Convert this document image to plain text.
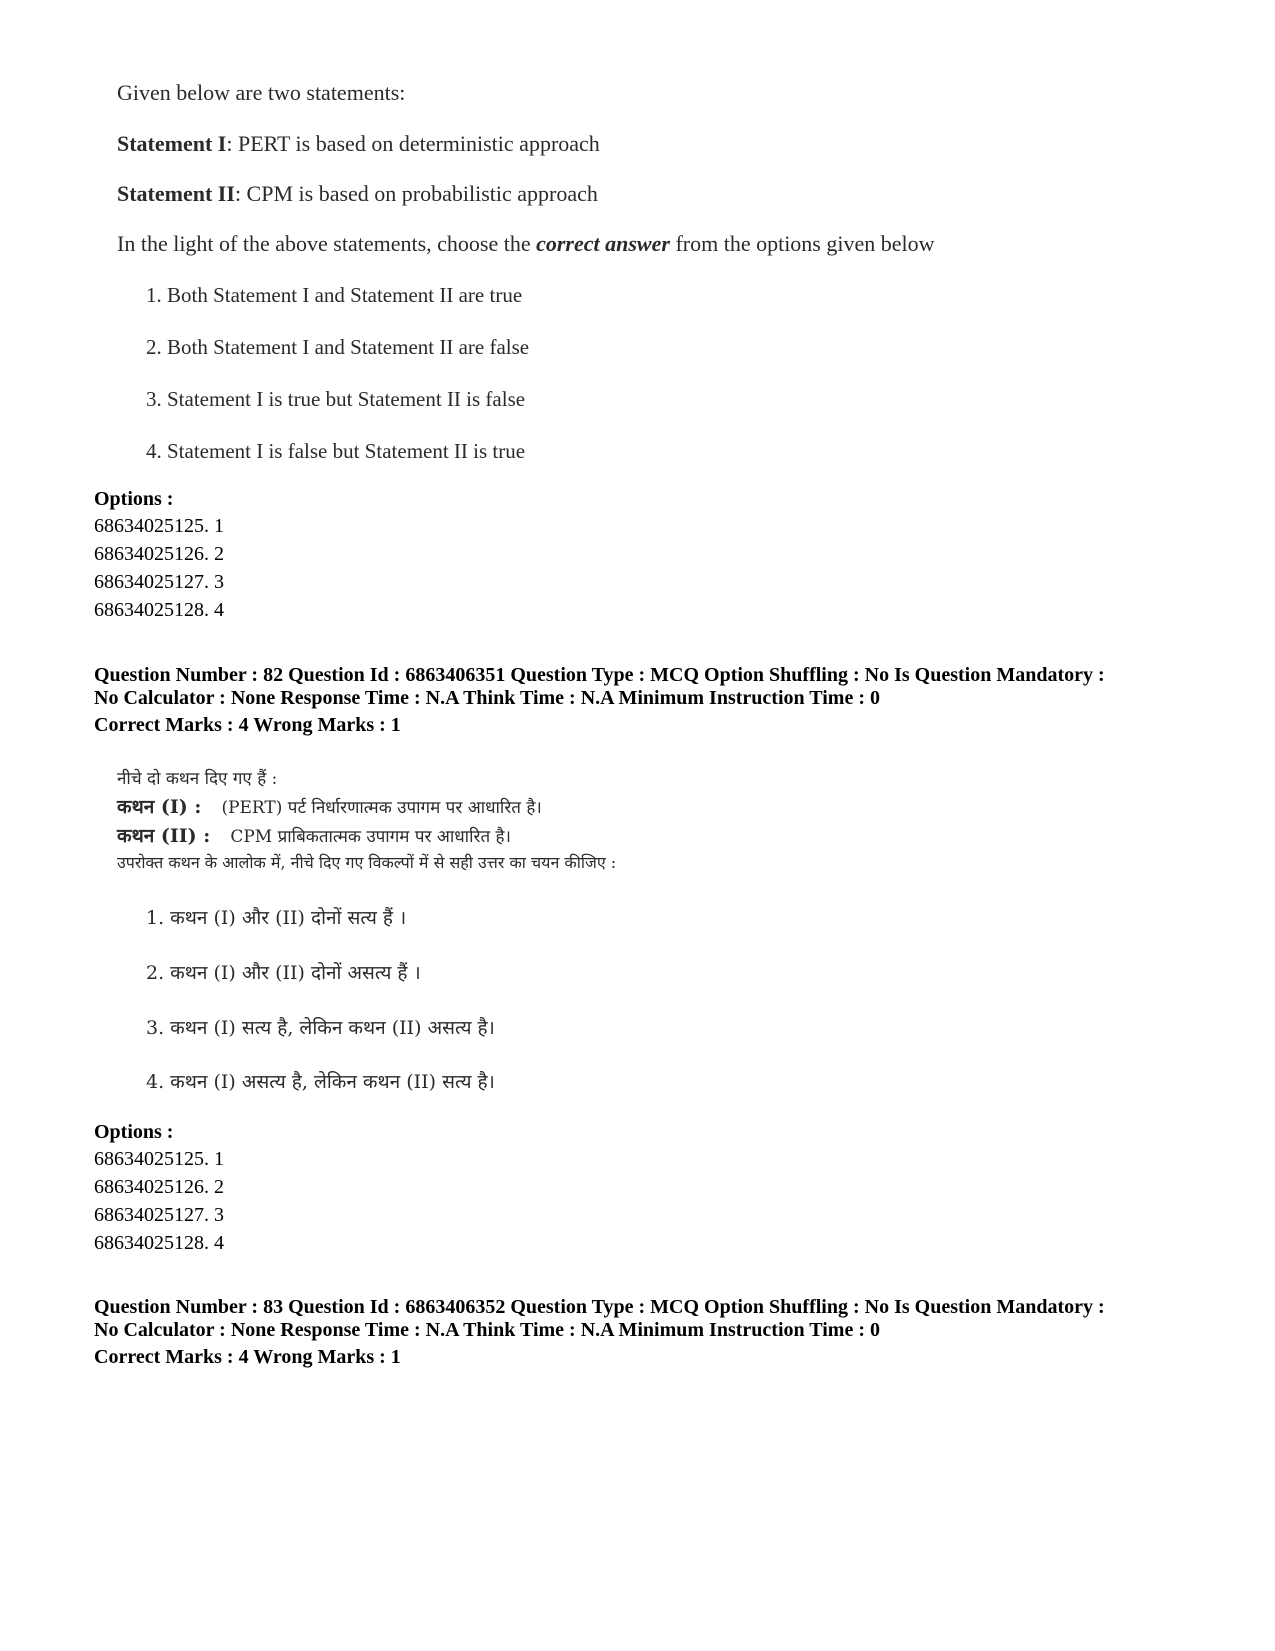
Given below are two statements:
Statement I: PERT is based on deterministic approach
Statement II: CPM is based on probabilistic approach
In the light of the above statements, choose the correct answer from the options given below
1. Both Statement I and Statement II are true
2. Both Statement I and Statement II are false
3. Statement I is true but Statement II is false
4. Statement I is false but Statement II is true
Options :
68634025125. 1
68634025126. 2
68634025127. 3
68634025128. 4
Question Number : 82 Question Id : 6863406351 Question Type : MCQ Option Shuffling : No Is Question Mandatory :
No Calculator : None Response Time : N.A Think Time : N.A Minimum Instruction Time : 0
Correct Marks : 4 Wrong Marks : 1
नीचे दो कथन दिए गए हैं :
कथन (I) : (PERT) पर्ट निर्धारणात्मक उपागम पर आधारित है।
कथन (II) : CPM प्राबिकतात्मक उपागम पर आधारित है।
उपरोक्त कथन के आलोक में, नीचे दिए गए विकल्पों में से सही उत्तर का चयन कीजिए :
1. कथन (I) और (II) दोनों सत्य हैं ।
2. कथन (I) और (II) दोनों असत्य हैं ।
3. कथन (I) सत्य है, लेकिन कथन (II) असत्य है।
4. कथन (I) असत्य है, लेकिन कथन (II) सत्य है।
Options :
68634025125. 1
68634025126. 2
68634025127. 3
68634025128. 4
Question Number : 83 Question Id : 6863406352 Question Type : MCQ Option Shuffling : No Is Question Mandatory :
No Calculator : None Response Time : N.A Think Time : N.A Minimum Instruction Time : 0
Correct Marks : 4 Wrong Marks : 1
